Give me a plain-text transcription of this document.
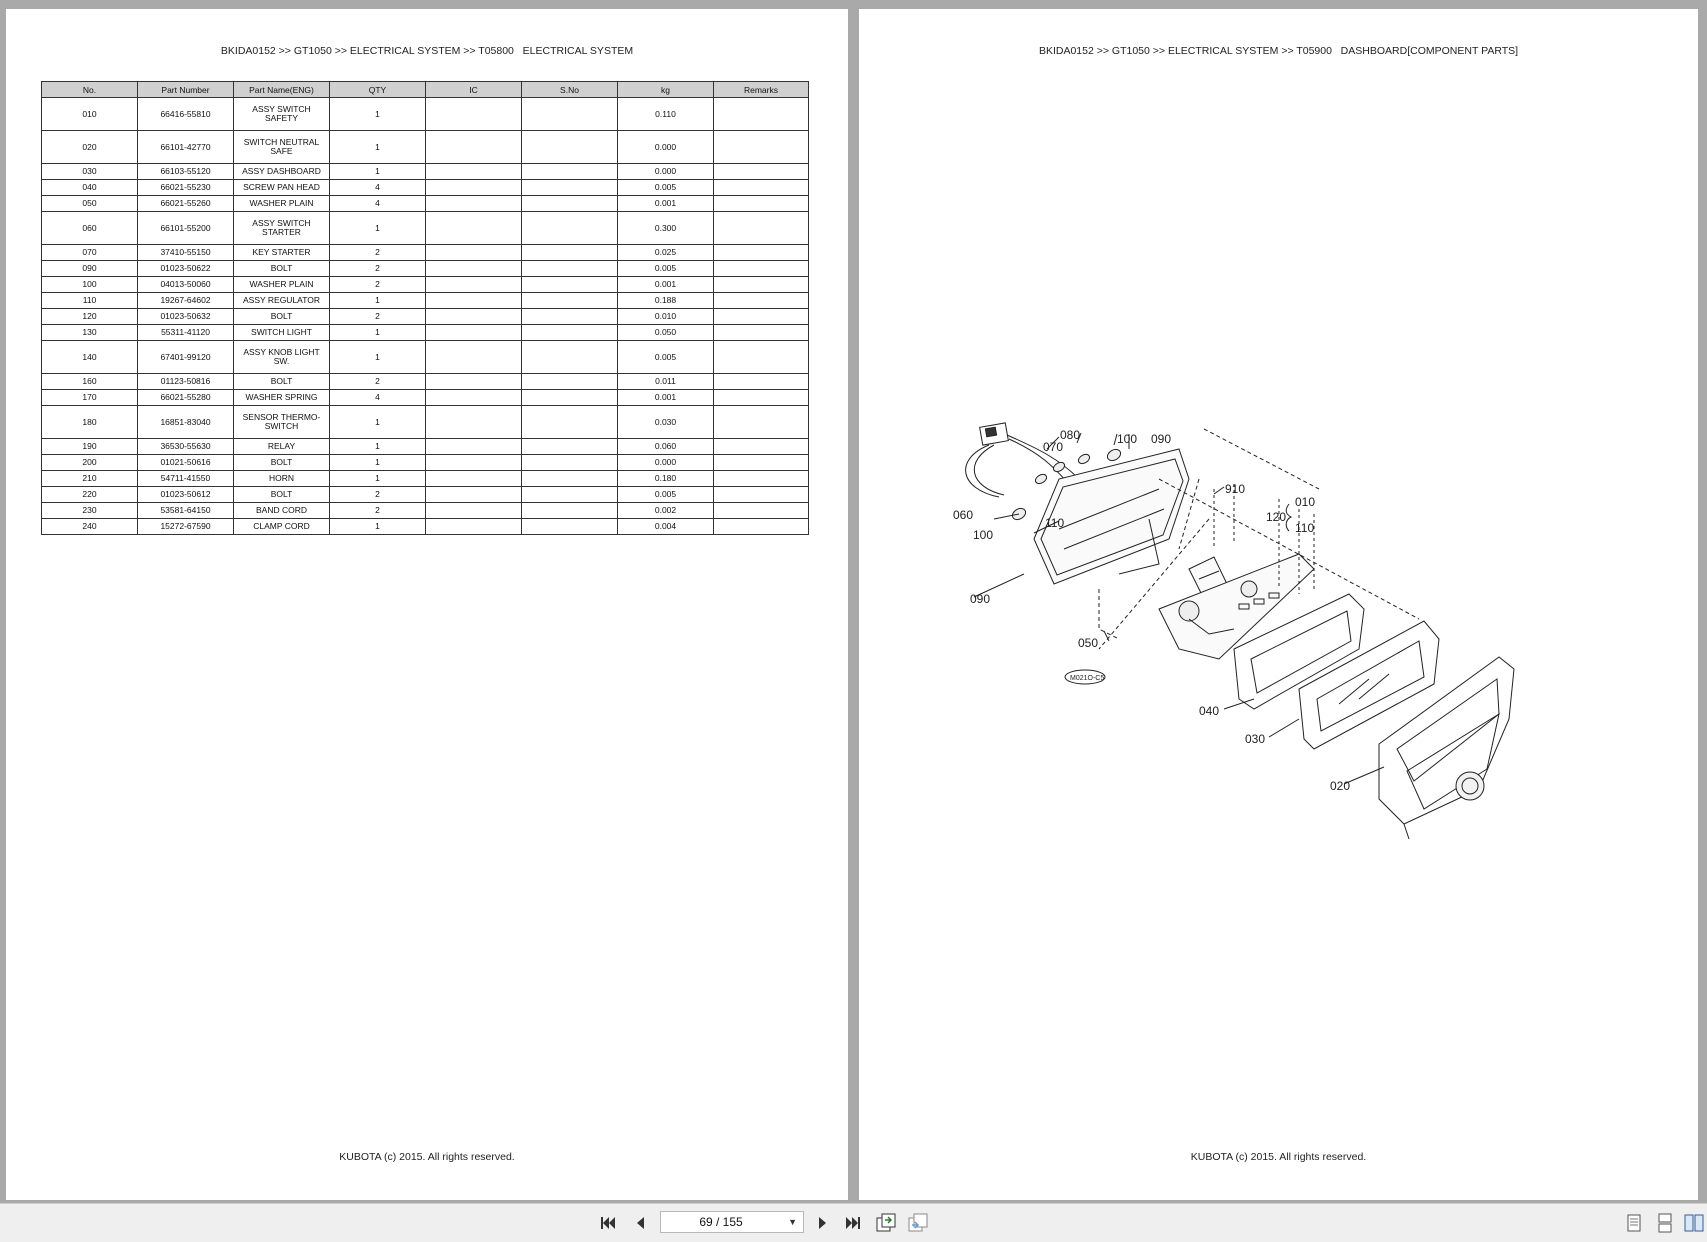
BKIDA0152 >> GT1050 >> ELECTRICAL SYSTEM >> T05800   ELECTRICAL SYSTEM
No.	Part Number	Part Name(ENG)	QTY	IC	S.No	kg	Remarks
010	66416-55810	ASSY SWITCH SAFETY	1			0.110	
020	66101-42770	SWITCH NEUTRAL SAFE	1			0.000	
030	66103-55120	ASSY DASHBOARD	1			0.000	
040	66021-55230	SCREW PAN HEAD	4			0.005	
050	66021-55260	WASHER PLAIN	4			0.001	
060	66101-55200	ASSY SWITCH STARTER	1			0.300	
070	37410-55150	KEY STARTER	2			0.025	
090	01023-50622	BOLT	2			0.005	
100	04013-50060	WASHER PLAIN	2			0.001	
110	19267-64602	ASSY REGULATOR	1			0.188	
120	01023-50632	BOLT	2			0.010	
130	55311-41120	SWITCH LIGHT	1			0.050	
140	67401-99120	ASSY KNOB LIGHT SW.	1			0.005	
160	01123-50816	BOLT	2			0.011	
170	66021-55280	WASHER SPRING	4			0.001	
180	16851-83040	SENSOR THERMO-SWITCH	1			0.030	
190	36530-55630	RELAY	1			0.060	
200	01021-50616	BOLT	1			0.000	
210	54711-41550	HORN	1			0.180	
220	01023-50612	BOLT	2			0.005	
230	53581-64150	BAND CORD	2			0.002	
240	15272-67590	CLAMP CORD	1			0.004	
KUBOTA (c) 2015. All rights reserved.
BKIDA0152 >> GT1050 >> ELECTRICAL SYSTEM >> T05900   DASHBOARD[COMPONENT PARTS]
080
070
100 090
910
060
110
100
090
050
040
030
020
120
010
110
M021O-C5
KUBOTA (c) 2015. All rights reserved.
69 / 155	▼
